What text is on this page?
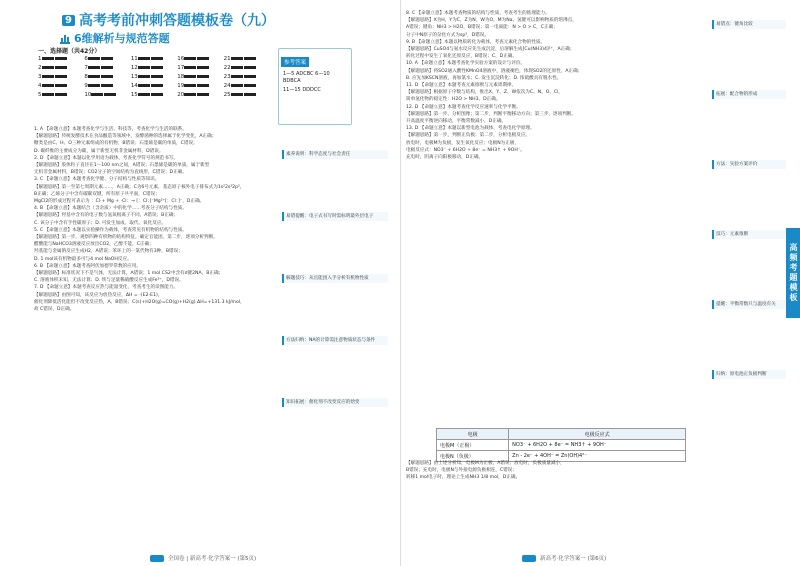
9 高考考前冲刺答题模板卷（九）
6维解析与规范答题
一、选择题（共42分）
1	6	11	16	21
2	7	12	17	22
3	8	13	18	23
4	9	14	19	24
5	10	15	20	25
参考答案

1—5 ADCBC 6—10 BDBCA

11—15 DDDCC

1. A 【命题立意】本题考查化学与生活、科技等，考查化学与生活的联系。
【解题思路】传统发酵技术在食品酿造等领域中，发酵菌种的选择属于化学变化，A正确；
糖类是由C、H、O三种元素组成的有机物，B错误；石墨烯是碳的单质，C错误；
D. 碳纤维的主要成分为碳，属于新型无机非金属材料，D错误。
2. D 【命题立意】本题以化学用语为载体，考查化学符号的规范书写。
【解题思路】胶体粒子直径在1～100 nm之间，A错误；石墨烯是碳的单质，属于新型
无机非金属材料，B错误；CO2分子的空间结构为直线形，C错误；D正确。
3. C 【命题立意】本题考查化学键、分子结构与性质等知识。
【解题思路】第一至第七周期元素……，A正确；C为6号元素，基态原子核外电子排布式为1s²2s²2p²，
B正确；乙烯分子中含有碳碳双键，所有原子共平面，C错误；
MgCl2的形成过程可表示为 ：Cl·+ Mg + ·Cl：→ [：Cl：]⁻Mg²⁺[：Cl：]⁻，D正确。
4. B 【命题立意】本题结合（含杂质）中的化学……考查分子结构与性质。
【解题思路】羟基中含有的电子数与氢氧根离子不同，A错误；B正确；
C. 该分子中含有手性碳原子；D. 可发生加成、取代、氧化反应。
5. C 【命题立意】本题以实验操作为载体，考查常见有机物的结构与性质。
【解题思路】第一步，观察四种有机物的结构特征，确定官能团。第二步，逐项分析判断。
醋酸能与NaHCO3溶液反应放出CO2，乙醇不能，C正确；
羟基能与金属钠反应生成H2，A错误；苯环上的一氯代物有3种，B错误；
D. 1 mol该有机物最多可与4 mol NaOH反应。
6. B 【命题立意】本题考查阿伏加德罗常数的应用。
【解题思路】标准状况下不是气体，无法计算，A错误；1 mol CS2中含有σ键2NA，B正确；
C. 溶液体积未知，无法计算；D. 铁与足量稀硝酸反应生成Fe³⁺，D错误。
7. D 【命题立意】本题考查反应热与能量变化，考查考生的读图能力。
【解题思路】由图可知，该反应为放热反应，ΔH = -(E2-E1)，
催化剂降低活化能但不改变反应热，A、B错误；C(s)+H2O(g)=CO(g)+H2(g) ΔH=+131.3 kJ/mol，
故 C错误，D正确。
素养说明：科学态度与社会责任
易错提醒：电子式书写时需标明最外层电子
解题技巧：从官能团入手分析有机物性质
方法归纳：NA的计算需注意物质状态与条件
知识拓展：催化剂不改变反应的焓变
全国卷 | 新高考·化学答案一 (第5页)
8. C 【命题立意】本题考查物质的结构与性质，考查考生的推理能力。
【解题思路】X为H，Y为C，Z为N，W为O，M为Na。氢键可以影响物质的熔沸点，
A错误；键角：NH3 > H2O，B错误；第一电离能：N > O > C，C正确；
分子中N原子的杂化方式为sp³，D错误。
9. B 【命题立意】本题以物质转化为载体，考查元素化合物的性质。
【解题思路】CuSO4与氨水反应先生成沉淀，后溶解生成[Cu(NH3)4]²⁺，A正确；
转化过程中发生了氧化还原反应，B错误；C、D正确。
10. A 【命题立意】本题考查化学实验方案的设计与评价。
【解题思路】将SO2通入酸性KMnO4溶液中，溶液褪色，体现SO2的还原性，A正确；
B. 应先加KSCN溶液，再加氯水；C. 发生沉淀转化；D. 浓硫酸具有脱水性。
11. D 【命题立意】本题考查元素推断与元素周期律。
【解题思路】根据原子序数与结构，推出X、Y、Z、W依次为C、N、O、Cl，
简单氢化物的稳定性：H2O > NH3，D正确。
12. D 【命题立意】本题考查化学反应速率与化学平衡。
【解题思路】第一步，分析图像；第二步，判断平衡移动方向；第三步，逐项判断。
升高温度平衡逆向移动，平衡常数减小，D正确。
13. D 【命题立意】本题以新型电池为载体，考查电化学原理。
【解题思路】第一步，判断正负极；第二步，分析电极反应。
放电时，电极M为负极，发生氧化反应；电极N为正极，
电极反应式：NO3⁻ + 6H2O + 8e⁻ = NH3↑ + 9OH⁻。
充电时，阴离子向阳极移动，D正确。
电极	电极反应式
电极M（正极）	NO3⁻ + 6H2O + 8e⁻ = NH3↑ + 9OH⁻
电极N（负极）	Zn - 2e⁻ + 4OH⁻ = Zn(OH)4²⁻
【解题思路】由上述分析知，电极M为正极，A错误；放电时，负极质量减小，
B错误；充电时，电极N与外接电源负极相连，C错误；
转移1 mol电子时，理论上生成NH3 1/8 mol，D正确。
易错点：键角比较
拓展：配合物的形成
方法：实验方案评价
技巧：元素推断
提醒：平衡常数只与温度有关
归纳：原电池正负极判断
高频考题模板
新高考·化学答案一 (第6页)
